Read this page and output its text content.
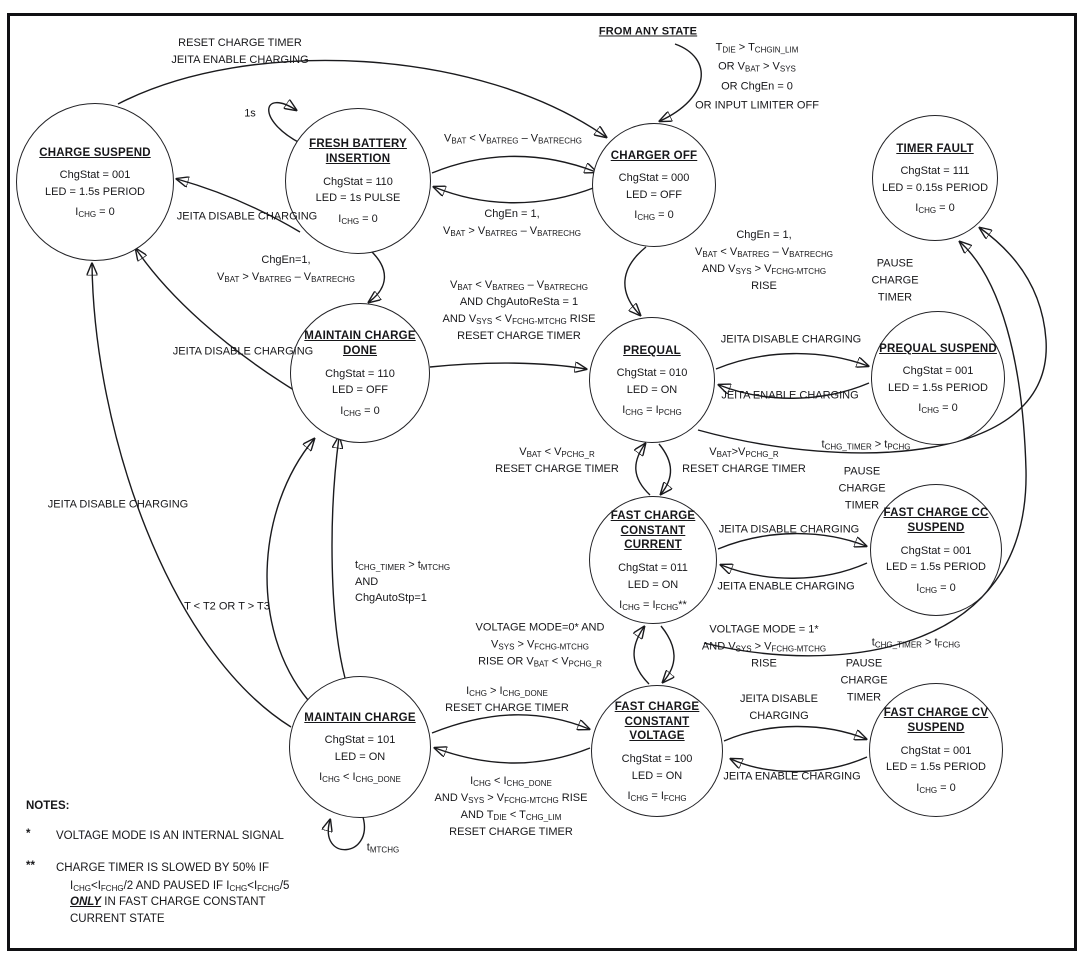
CHARGE SUSPEND
ChgStat = 001
LED = 1.5s PERIOD
$I_{CHG} = 0$
FRESH BATTERY
INSERTION
ChgStat = 110
LED = 1s PULSE
$I_{CHG} = 0$
CHARGER OFF
ChgStat = 000
LED = OFF
$I_{CHG} = 0$
TIMER FAULT
ChgStat = 111
LED = 0.15s PERIOD
$I_{CHG} = 0$
MAINTAIN CHARGE
DONE
ChgStat = 110
LED = OFF
$I_{CHG} = 0$
PREQUAL
ChgStat = 010
LED = ON
$I_{CHG} = I_{PCHG}$
PREQUAL SUSPEND
ChgStat = 001
LED = 1.5s PERIOD
$I_{CHG} = 0$
FAST CHARGE
CONSTANT CURRENT
ChgStat = 011
LED = ON
$I_{CHG} = I_{FCHG}**$
FAST CHARGE CC
SUSPEND
ChgStat = 001
LED = 1.5s PERIOD
$I_{CHG} = 0$
MAINTAIN CHARGE
ChgStat = 101
LED = ON
$I_{CHG} < I_{CHG\_DONE}$
FAST CHARGE
CONSTANT VOLTAGE
ChgStat = 100
LED = ON
$I_{CHG} = I_{FCHG}$
FAST CHARGE CV
SUSPEND
ChgStat = 001
LED = 1.5s PERIOD
$I_{CHG} = 0$
RESET CHARGE TIMER
JEITA ENABLE CHARGING
1s
FROM ANY STATE
$T_{DIE} > T_{CHGIN\_LIM}$
OR $V_{BAT} > V_{SYS}$
OR ChgEn = 0
OR INPUT LIMITER OFF
$V_{BAT} < V_{BATREG} - V_{BATRECHG}$
ChgEn = 1,
$V_{BAT} > V_{BATREG} - V_{BATRECHG}$
JEITA DISABLE CHARGING
ChgEn=1,
$V_{BAT} > V_{BATREG} - V_{BATRECHG}$
JEITA DISABLE CHARGING
$V_{BAT} < V_{BATREG} - V_{BATRECHG}$
AND ChgAutoReSta = 1
AND $V_{SYS} < V_{FCHG-MTCHG}$ RISE
RESET CHARGE TIMER
ChgEn = 1,
$V_{BAT} < V_{BATREG} - V_{BATRECHG}$
AND $V_{SYS} > V_{FCHG-MTCHG}$
RISE
PAUSE
CHARGE
TIMER
JEITA DISABLE CHARGING
JEITA ENABLE CHARGING
$t_{CHG\_TIMER} > t_{PCHG}$
$V_{BAT} < V_{PCHG\_R}$
RESET CHARGE TIMER
$V_{BAT}>V_{PCHG\_R}$
RESET CHARGE TIMER	PAUSE
CHARGE
TIMER
JEITA DISABLE CHARGING
JEITA ENABLE CHARGING
$t_{CHG\_TIMER} > t_{MTCHG}$
AND
ChgAutoStp=1
T < T2 OR T > T3
JEITA DISABLE CHARGING
VOLTAGE MODE=0* AND
$V_{SYS} > V_{FCHG-MTCHG}$
RISE OR $V_{BAT} < V_{PCHG\_R}$
VOLTAGE MODE = 1*
AND $V_{SYS} > V_{FCHG-MTCHG}$
RISE
$t_{CHG\_TIMER} > t_{FCHG}$
PAUSE
CHARGE
TIMER
$I_{CHG} > I_{CHG\_DONE}$
RESET CHARGE TIMER
JEITA DISABLE
CHARGING
$I_{CHG} < I_{CHG\_DONE}$
AND $V_{SYS} > V_{FCHG-MTCHG}$ RISE
AND $T_{DIE} < T_{CHG\_LIM}$
RESET CHARGE TIMER
JEITA ENABLE CHARGING
$t_{MTCHG}$
NOTES:
*	VOLTAGE MODE IS AN INTERNAL SIGNAL
**	CHARGE TIMER IS SLOWED BY 50% IF
$I_{CHG}<I_{FCHG}/2$ AND PAUSED IF $I_{CHG}<I_{FCHG}/5$
ONLY IN FAST CHARGE CONSTANT
CURRENT STATE
